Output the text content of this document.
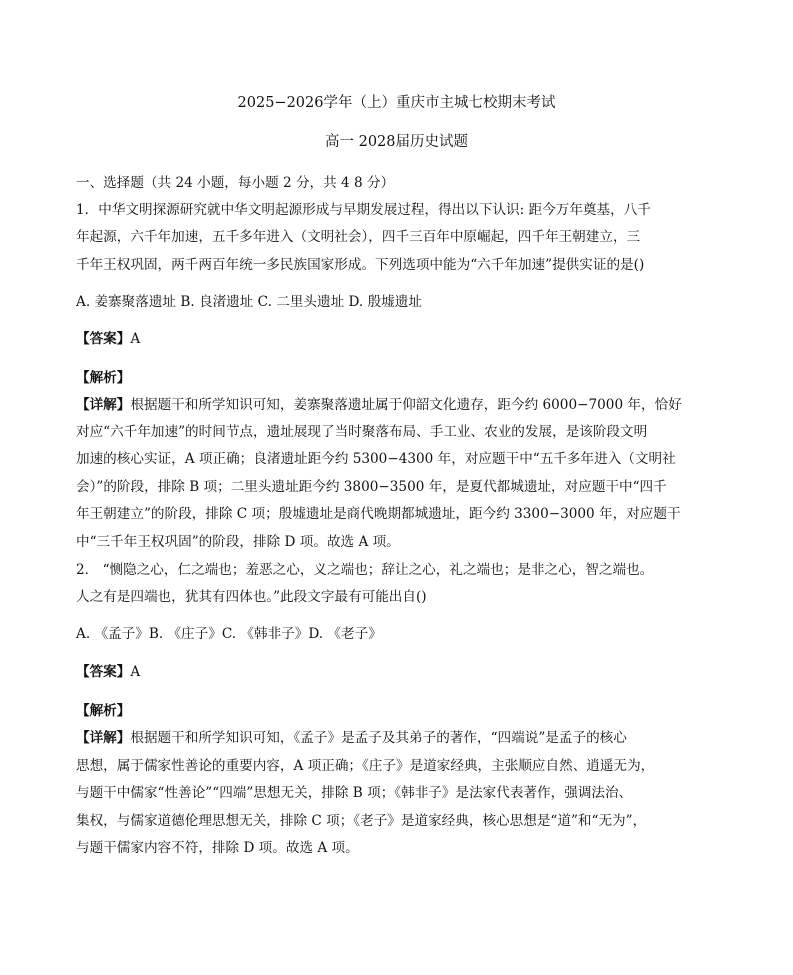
2025−2026学年（上）重庆市主城七校期末考试
高一 2028届历史试题
一、选择题（共 24 小题，每小题 2 分，共 4 8 分）
1．中华文明探源研究就中华文明起源形成与早期发展过程，得出以下认识: 距今万年奠基，八千
年起源，六千年加速，五千多年进入（文明社会），四千三百年中原崛起，四千年王朝建立，三
千年王权巩固，两千两百年统一多民族国家形成。下列选项中能为“六千年加速”提供实证的是()
A. 姜寨聚落遗址 B. 良渚遗址 C. 二里头遗址 D. 殷墟遗址
【答案】A
【解析】
【详解】根据题干和所学知识可知，姜寨聚落遗址属于仰韶文化遗存，距今约 6000−7000 年，恰好
对应“六千年加速”的时间节点，遗址展现了当时聚落布局、手工业、农业的发展，是该阶段文明
加速的核心实证，A 项正确；良渚遗址距今约 5300−4300 年，对应题干中“五千多年进入（文明社
会）”的阶段，排除 B 项；二里头遗址距今约 3800−3500 年，是夏代都城遗址，对应题干中“四千
年王朝建立”的阶段，排除 C 项；殷墟遗址是商代晚期都城遗址，距今约 3300−3000 年，对应题干
中“三千年王权巩固”的阶段，排除 D 项。故选 A 项。
2． “恻隐之心，仁之端也；羞恶之心，义之端也；辞让之心，礼之端也；是非之心，智之端也。
人之有是四端也，犹其有四体也。”此段文字最有可能出自()
A. 《孟子》B. 《庄子》C. 《韩非子》D. 《老子》
【答案】A
【解析】
【详解】根据题干和所学知识可知，《孟子》是孟子及其弟子的著作，“四端说”是孟子的核心
思想，属于儒家性善论的重要内容，A 项正确；《庄子》是道家经典，主张顺应自然、逍遥无为，
与题干中儒家“性善论”“四端”思想无关，排除 B 项；《韩非子》是法家代表著作，强调法治、
集权，与儒家道德伦理思想无关，排除 C 项；《老子》是道家经典，核心思想是“道”和“无为”，
与题干儒家内容不符，排除 D 项。故选 A 项。
